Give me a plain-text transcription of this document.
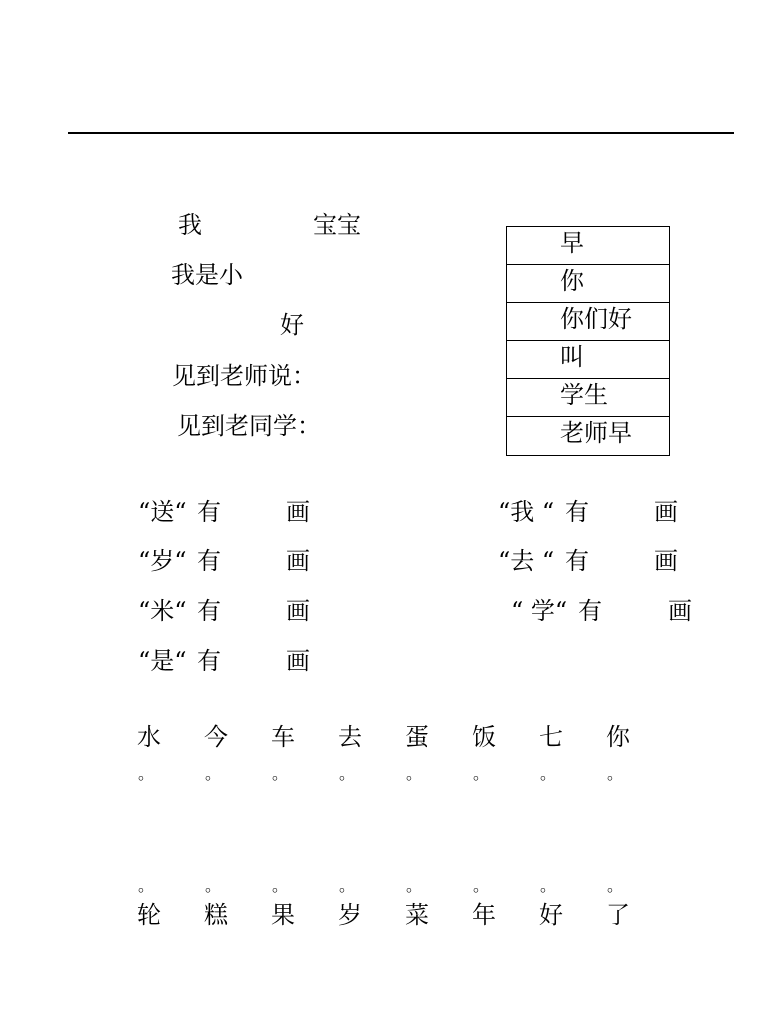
我	宝宝
我是小
好
见到老师说：
见到老同学：
早
你
你们好
叫
学生
老师早
“送“ 有	画
“岁“ 有	画
“米“ 有	画
“是“ 有	画
“我 “ 有	画
“去 “ 有	画
“ 学“ 有	画
水 今 车 去 蛋 饭 七 你
。	。	。	。	。	。	。	。
。	。	。	。	。	。	。	。
轮 糕 果 岁 菜 年 好 了
